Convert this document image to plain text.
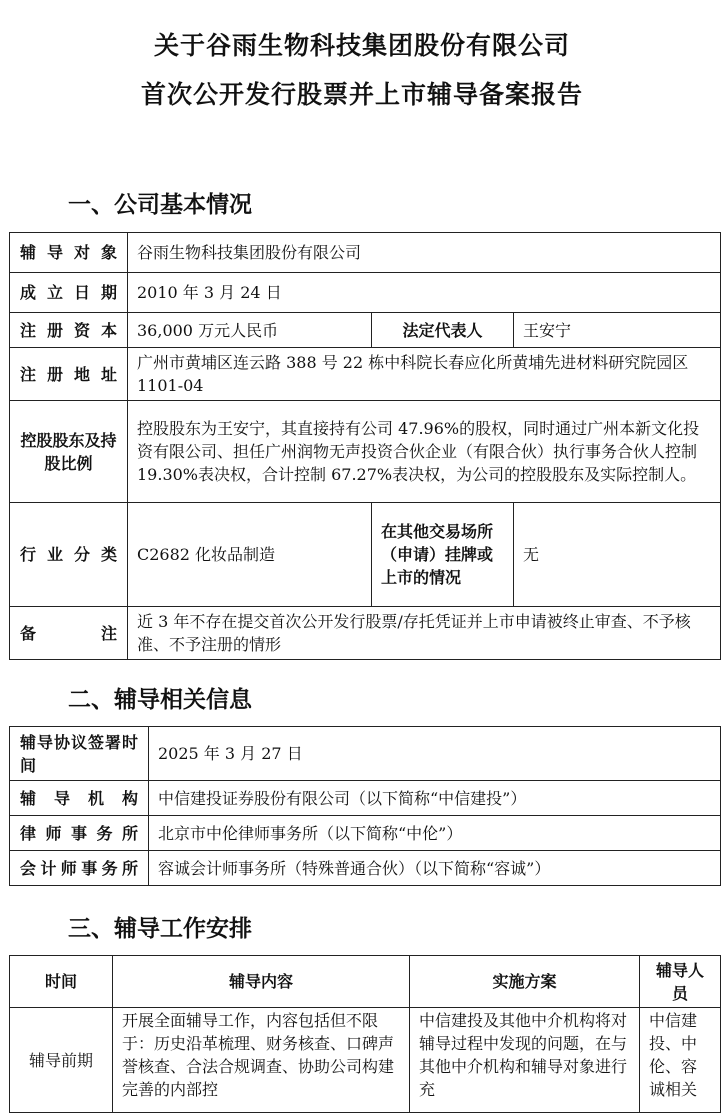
关于谷雨生物科技集团股份有限公司
首次公开发行股票并上市辅导备案报告
一、公司基本情况
辅导对象	谷雨生物科技集团股份有限公司		
成立日期	2010 年 3 月 24 日		
注册资本	36,000 万元人民币	法定代表人	王安宁
注册地址	广州市黄埔区连云路 388 号 22 栋中科院长春应化所黄埔先进材料研究院园区 1101-04		
控股股东及持股比例	控股股东为王安宁，其直接持有公司 47.96%的股权，同时通过广州本新文化投资有限公司、担任广州润物无声投资合伙企业（有限合伙）执行事务合伙人控制 19.30%表决权，合计控制 67.27%表决权，为公司的控股股东及实际控制人。		
行业分类	C2682 化妆品制造	在其他交易场所（申请）挂牌或上市的情况	无
备注	近 3 年不存在提交首次公开发行股票/存托凭证并上市申请被终止审查、不予核准、不予注册的情形		
二、辅导相关信息
辅导协议签署时间	2025 年 3 月 27 日
辅导机构	中信建投证券股份有限公司（以下简称“中信建投”）
律师事务所	北京市中伦律师事务所（以下简称“中伦”）
会计师事务所	容诚会计师事务所（特殊普通合伙）（以下简称“容诚”）
三、辅导工作安排
时间	辅导内容	实施方案	辅导人员
辅导前期	开展全面辅导工作，内容包括但不限于：历史沿革梳理、财务核查、口碑声誉核查、合法合规调查、协助公司构建完善的内部控	中信建投及其他中介机构将对辅导过程中发现的问题，在与其他中介机构和辅导对象进行充	中信建投、中伦、容诚相关
